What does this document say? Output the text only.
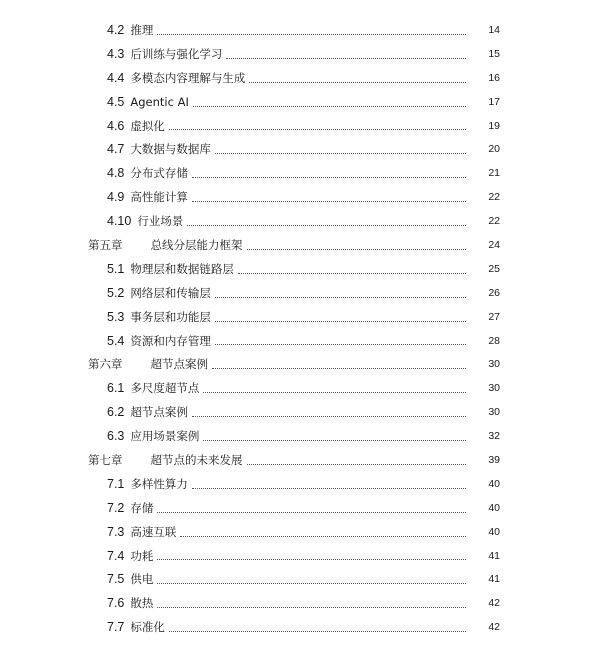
4.2 推理	14
4.3 后训练与强化学习	15
4.4 多模态内容理解与生成	16
4.5 Agentic AI	17
4.6 虚拟化	19
4.7 大数据与数据库	20
4.8 分布式存储	21
4.9 高性能计算	22
4.10 行业场景	22
第五章 总线分层能力框架	24
5.1 物理层和数据链路层	25
5.2 网络层和传输层	26
5.3 事务层和功能层	27
5.4 资源和内存管理	28
第六章 超节点案例	30
6.1 多尺度超节点	30
6.2 超节点案例	30
6.3 应用场景案例	32
第七章 超节点的未来发展	39
7.1 多样性算力	40
7.2 存储	40
7.3 高速互联	40
7.4 功耗	41
7.5 供电	41
7.6 散热	42
7.7 标准化	42
